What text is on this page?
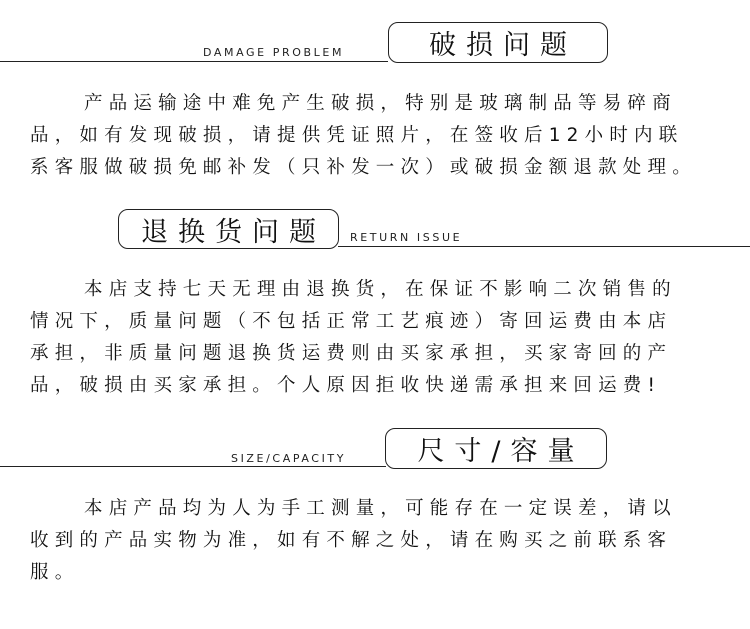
DAMAGE PROBLEM	破损问题
产品运输途中难免产生破损，特别是玻璃制品等易碎商
品，如有发现破损，请提供凭证照片，在签收后12小时内联
系客服做破损免邮补发（只补发一次）或破损金额退款处理。
退换货问题 RETURN ISSUE
本店支持七天无理由退换货，在保证不影响二次销售的
情况下，质量问题（不包括正常工艺痕迹）寄回运费由本店
承担，非质量问题退换货运费则由买家承担，买家寄回的产
品，破损由买家承担。个人原因拒收快递需承担来回运费!
SIZE/CAPACITY	尺寸/容量
本店产品均为人为手工测量，可能存在一定误差，请以
收到的产品实物为准，如有不解之处，请在购买之前联系客
服。
